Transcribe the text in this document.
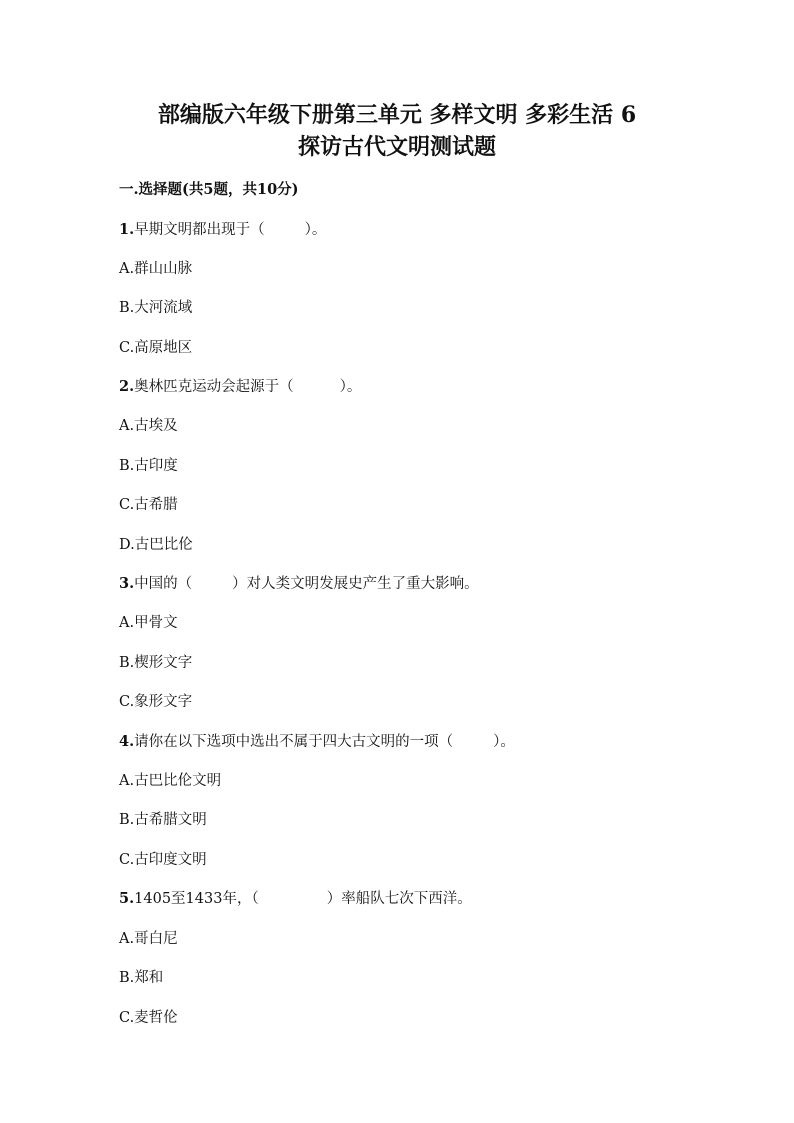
部编版六年级下册第三单元 多样文明 多彩生活 6
探访古代文明测试题

一.选择题(共5题，共10分)

1.早期文明都出现于（	）。

A.群山山脉

B.大河流域

C.高原地区

2.奥林匹克运动会起源于（	）。

A.古埃及

B.古印度

C.古希腊

D.古巴比伦

3.中国的（	）对人类文明发展史产生了重大影响。

A.甲骨文

B.楔形文字

C.象形文字

4.请你在以下选项中选出不属于四大古文明的一项（	）。

A.古巴比伦文明

B.古希腊文明

C.古印度文明

5.1405至1433年，（	）率船队七次下西洋。

A.哥白尼

B.郑和

C.麦哲伦
